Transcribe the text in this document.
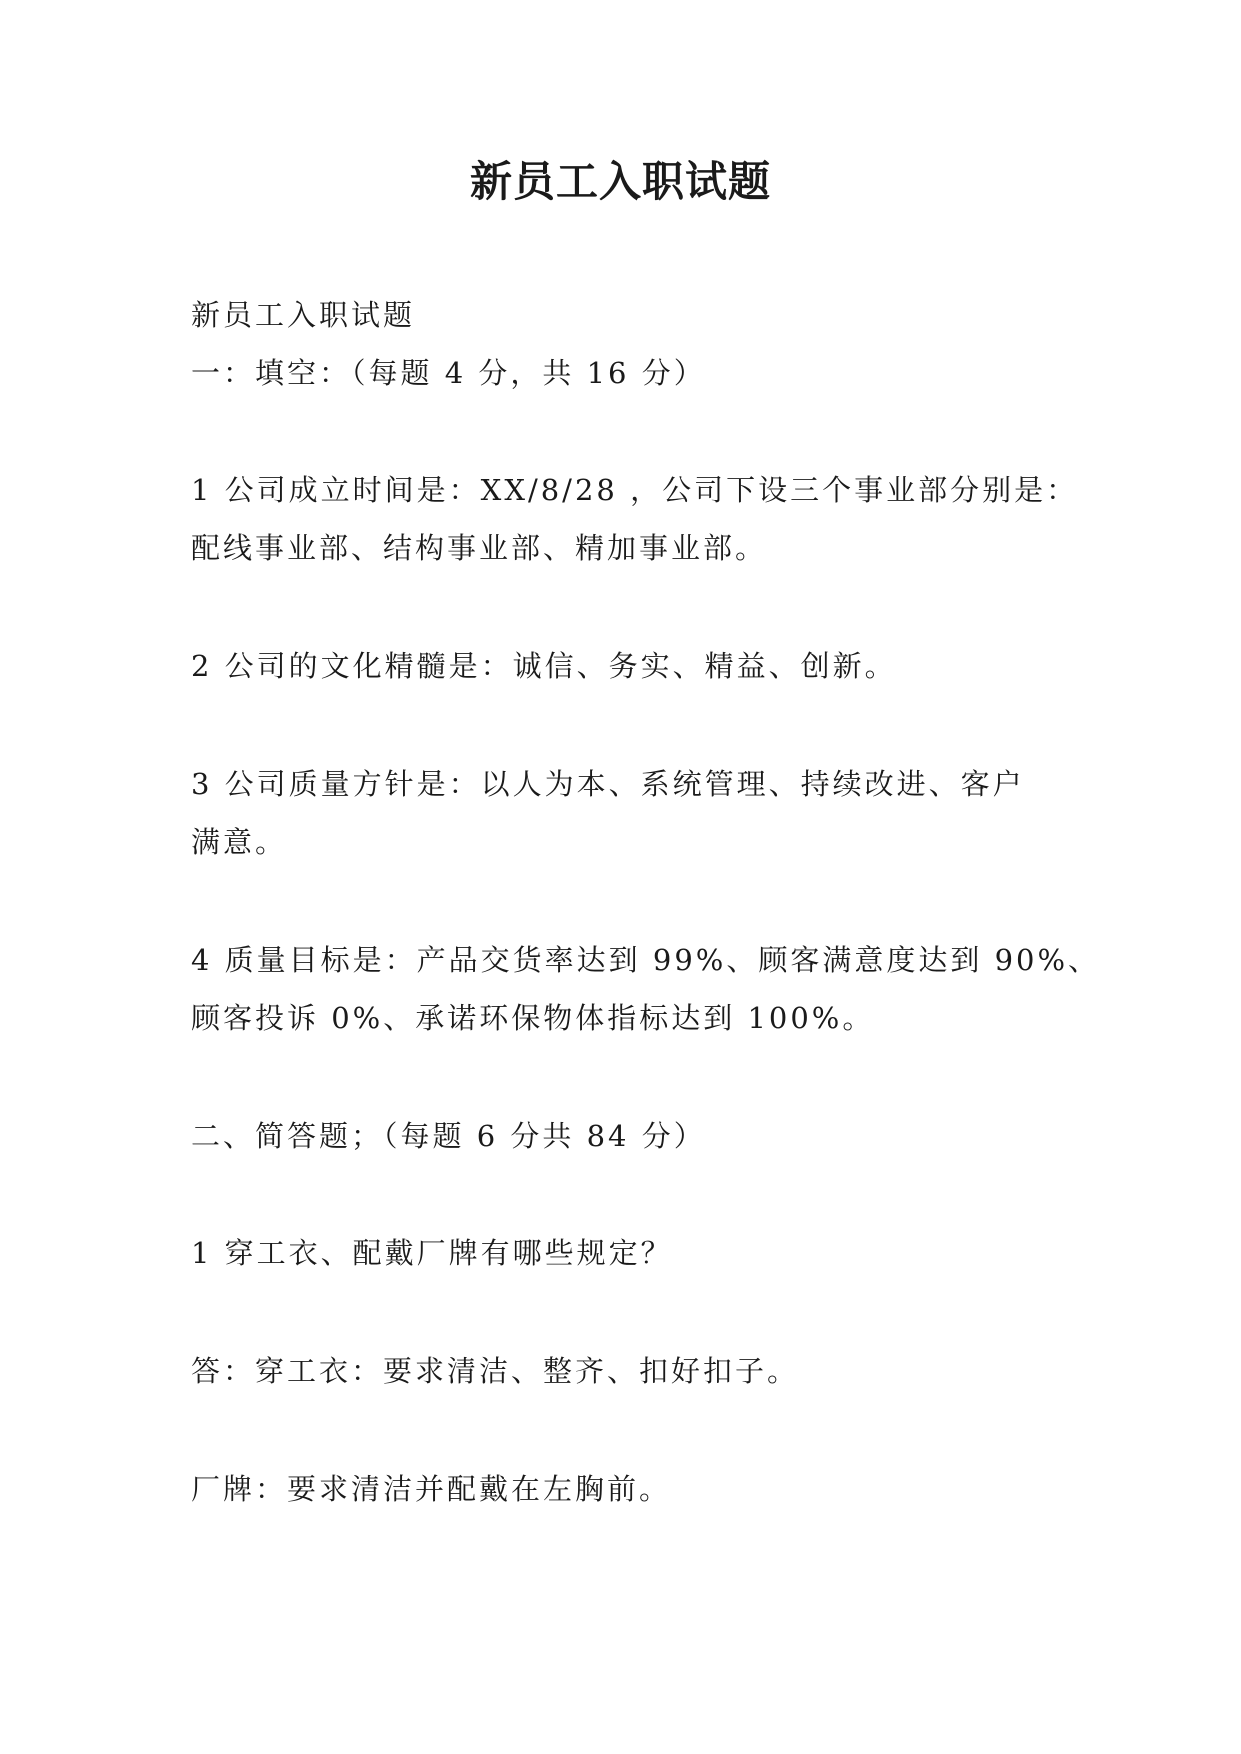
新员工入职试题
新员工入职试题
一：填空：（每题 4 分，共 16 分）
1 公司成立时间是：XX/8/28 ，公司下设三个事业部分别是：
配线事业部、结构事业部、精加事业部。
2 公司的文化精髓是：诚信、务实、精益、创新。
3 公司质量方针是：以人为本、系统管理、持续改进、客户
满意。
4 质量目标是：产品交货率达到 99%、顾客满意度达到 90%、
顾客投诉 0%、承诺环保物体指标达到 100%。
二、简答题；（每题 6 分共 84 分）
1 穿工衣、配戴厂牌有哪些规定？
答：穿工衣：要求清洁、整齐、扣好扣子。
厂牌：要求清洁并配戴在左胸前。
